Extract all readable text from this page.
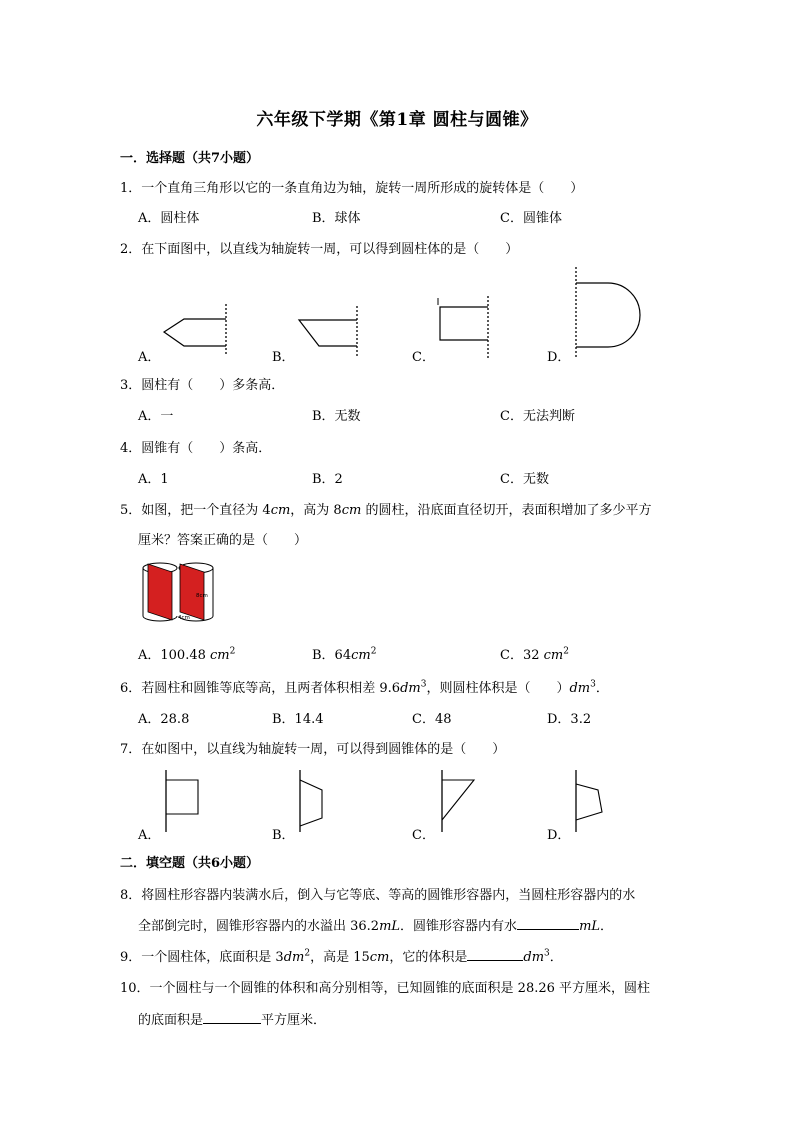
六年级下学期《第1章 圆柱与圆锥》
一．选择题（共7小题）
1．一个直角三角形以它的一条直角边为轴，旋转一周所形成的旋转体是（　　）
A．圆柱体	B．球体	C．圆锥体
2．在下面图中，以直线为轴旋转一周，可以得到圆柱体的是（　　）
A．	B．	C．	D．
3．圆柱有（　　）多条高．
A．一	B．无数	C．无法判断
4．圆锥有（　　）条高．
A．1	B．2	C．无数
5．如图，把一个直径为 4cm，高为 8cm 的圆柱，沿底面直径切开，表面积增加了多少平方
厘米？答案正确的是（　　）
8cm
4cm
A．100.48 $cm^2$	B．$64cm^2$	C．32 $cm^2$
6．若圆柱和圆锥等底等高，且两者体积相差 $9.6dm^3$，则圆柱体积是（　　）$dm^3$．
A．28.8	B．14.4	C．48	D．3.2
7．在如图中，以直线为轴旋转一周，可以得到圆锥体的是（　　）
A．	B．	C．	D．
二．填空题（共6小题）
8．将圆柱形容器内装满水后，倒入与它等底、等高的圆锥形容器内，当圆柱形容器内的水
全部倒完时，圆锥形容器内的水溢出 36.2mL．圆锥形容器内有水	mL．
9．一个圆柱体，底面积是 $3dm^2$，高是 15cm，它的体积是	$dm^3$．
10．一个圆柱与一个圆锥的体积和高分别相等，已知圆锥的底面积是 28.26 平方厘米，圆柱
的底面积是	平方厘米．
